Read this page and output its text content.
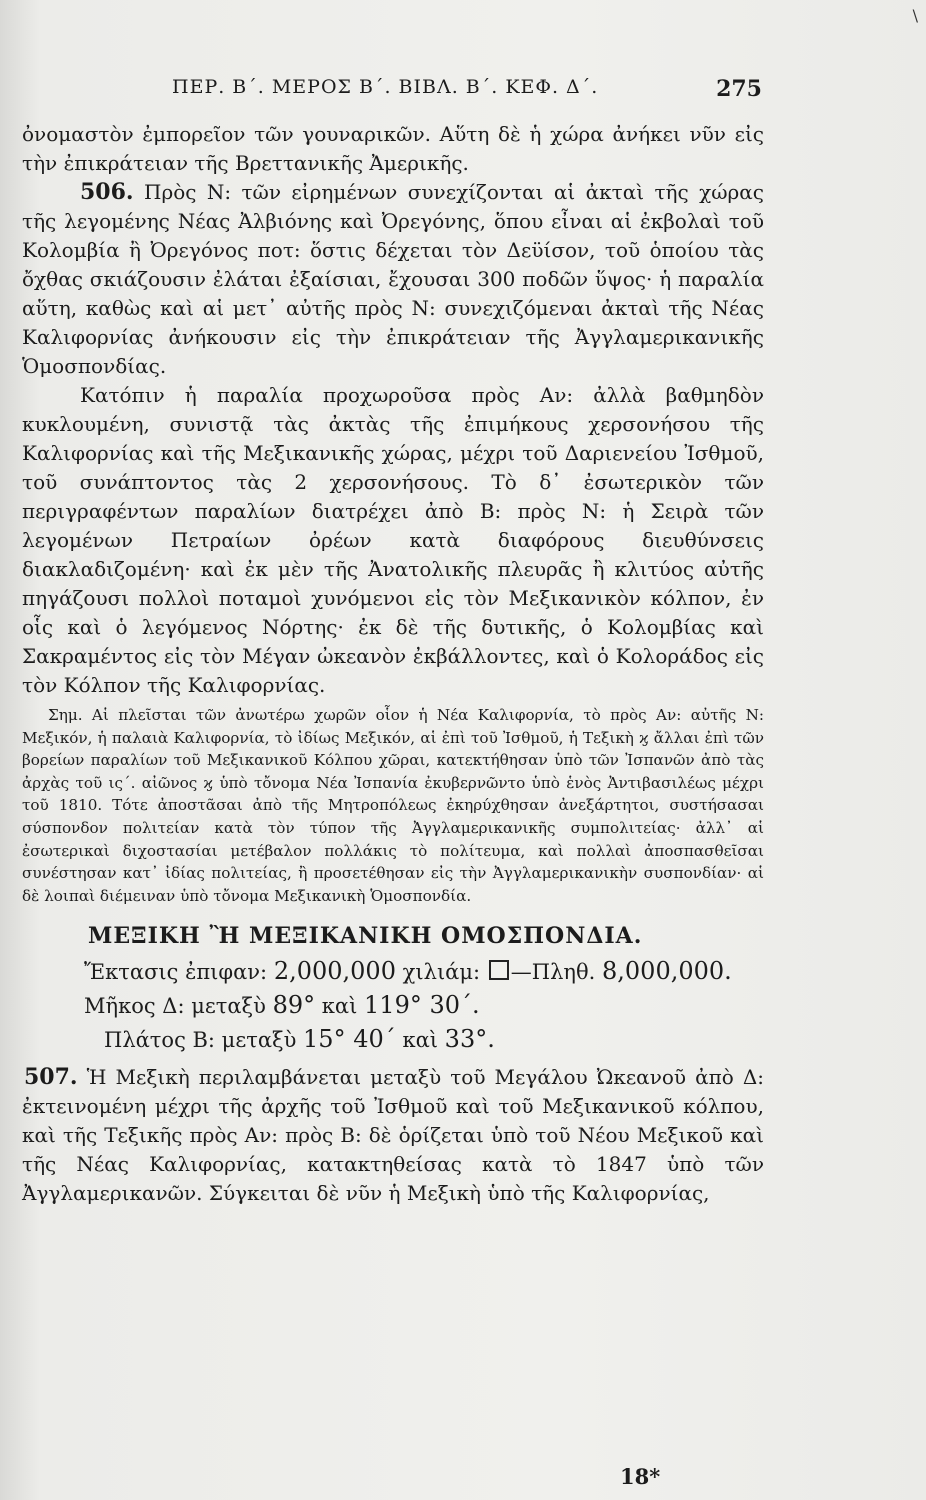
\
ΠΕΡ. Β΄. ΜΕΡΟΣ Β΄. ΒΙΒΛ. Β΄. ΚΕΦ. Δ΄.	275

ὀνομαστὸν ἐμπορεῖον τῶν γουναρικῶν. Αὕτη δὲ ἡ χώρα ἀνήκει νῦν εἰς τὴν ἐπικράτειαν τῆς Βρεττανικῆς Ἀμερικῆς.

506. Πρὸς Ν: τῶν εἰρημένων συνεχίζονται αἱ ἀκταὶ τῆς χώρας τῆς λεγομένης Νέας Ἀλβιόνης καὶ Ὀρεγόνης, ὅπου εἶναι αἱ ἐκβολαὶ τοῦ Κολομβία ἢ Ὀρεγόνος ποτ: ὅστις δέχεται τὸν Δεϋίσον, τοῦ ὁποίου τὰς ὄχθας σκιάζουσιν ἐλάται ἐξαίσιαι, ἔχουσαι 300 ποδῶν ὕψος· ἡ παραλία αὕτη, καθὼς καὶ αἱ μετ᾽ αὐτῆς πρὸς Ν: συνεχιζόμεναι ἀκταὶ τῆς Νέας Καλιφορνίας ἀνήκουσιν εἰς τὴν ἐπικράτειαν τῆς Ἀγγλαμερικανικῆς Ὁμοσπονδίας.

Κατόπιν ἡ παραλία προχωροῦσα πρὸς Αν: ἀλλὰ βαθμηδὸν κυκλουμένη, συνιστᾷ τὰς ἀκτὰς τῆς ἐπιμήκους χερσονήσου τῆς Καλιφορνίας καὶ τῆς Μεξικανικῆς χώρας, μέχρι τοῦ Δαριενείου Ἰσθμοῦ, τοῦ συνάπτοντος τὰς 2 χερσονήσους. Τὸ δ᾽ ἐσωτερικὸν τῶν περιγραφέντων παραλίων διατρέχει ἀπὸ Β: πρὸς Ν: ἡ Σειρὰ τῶν λεγομένων Πετραίων ὀρέων κατὰ διαφόρους διευθύνσεις διακλαδιζομένη· καὶ ἐκ μὲν τῆς Ἀνατολικῆς πλευρᾶς ἢ κλιτύος αὐτῆς πηγάζουσι πολλοὶ ποταμοὶ χυνόμενοι εἰς τὸν Μεξικανικὸν κόλπον, ἐν οἷς καὶ ὁ λεγόμενος Νόρτης· ἐκ δὲ τῆς δυτικῆς, ὁ Κολομβίας καὶ Σακραμέντος εἰς τὸν Μέγαν ὠκεανὸν ἐκβάλλοντες, καὶ ὁ Κολοράδος εἰς τὸν Κόλπον τῆς Καλιφορνίας.

Σημ. Αἱ πλεῖσται τῶν ἀνωτέρω χωρῶν οἷον ἡ Νέα Καλιφορνία, τὸ πρὸς Αν: αὐτῆς Ν: Μεξικόν, ἡ παλαιὰ Καλιφορνία, τὸ ἰδίως Μεξικόν, αἱ ἐπὶ τοῦ Ἰσθμοῦ, ἡ Τεξικὴ ϗ ἄλλαι ἐπὶ τῶν βορείων παραλίων τοῦ Μεξικανικοῦ Κόλπου χῶραι, κατεκτήθησαν ὑπὸ τῶν Ἰσπανῶν ἀπὸ τὰς ἀρχὰς τοῦ ις΄. αἰῶνος ϗ ὑπὸ τὄνομα Νέα Ἰσπανία ἐκυβερνῶντο ὑπὸ ἑνὸς Ἀντιβασιλέως μέχρι τοῦ 1810. Τότε ἀποστᾶσαι ἀπὸ τῆς Μητροπόλεως ἐκηρύχθησαν ἀνεξάρτητοι, συστήσασαι σύσπονδον πολιτείαν κατὰ τὸν τύπον τῆς Ἀγγλαμερικανικῆς συμπολιτείας· ἀλλ᾽ αἱ ἐσωτερικαὶ διχοστασίαι μετέβαλον πολλάκις τὸ πολίτευμα, καὶ πολλαὶ ἀποσπασθεῖσαι συνέστησαν κατ᾽ ἰδίας πολιτείας, ἢ προσετέθησαν εἰς τὴν Ἀγγλαμερικανικὴν συσπονδίαν· αἱ δὲ λοιπαὶ διέμειναν ὑπὸ τὄνομα Μεξικανικὴ Ὁμοσπονδία.

ΜΕΞΙΚΗ Ἢ ΜΕΞΙΚΑΝΙΚΗ ΟΜΟΣΠΟΝΔΙΑ.
Ἔκτασις ἐπιφαν: 2,000,000 χιλιάμ: —Πληθ. 8,000,000.
Μῆκος Δ: μεταξὺ 89° καὶ 119° 30΄.
Πλάτος Β: μεταξὺ 15° 40΄ καὶ 33°.

507. Ἡ Μεξικὴ περιλαμβάνεται μεταξὺ τοῦ Μεγάλου Ὠκεανοῦ ἀπὸ Δ: ἐκτεινομένη μέχρι τῆς ἀρχῆς τοῦ Ἰσθμοῦ καὶ τοῦ Μεξικανικοῦ κόλπου, καὶ τῆς Τεξικῆς πρὸς Αν: πρὸς Β: δὲ ὁρίζεται ὑπὸ τοῦ Νέου Μεξικοῦ καὶ τῆς Νέας Καλιφορνίας, κατακτηθείσας κατὰ τὸ 1847 ὑπὸ τῶν Ἀγγλαμερικανῶν. Σύγκειται δὲ νῦν ἡ Μεξικὴ ὑπὸ τῆς Καλιφορνίας,

18*
